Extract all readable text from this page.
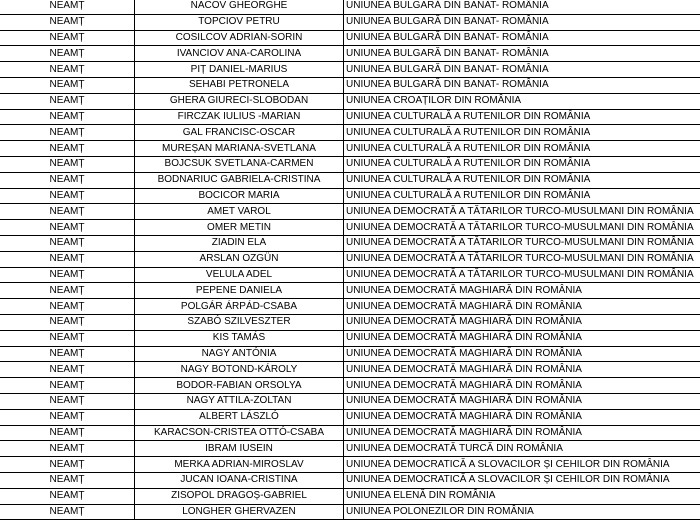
NEAMȚ	NACOV GHEORGHE	UNIUNEA BULGARĂ DIN BANAT- ROMÂNIA
NEAMȚ	TOPCIOV PETRU	UNIUNEA BULGARĂ DIN BANAT- ROMÂNIA
NEAMȚ	COSILCOV ADRIAN-SORIN	UNIUNEA BULGARĂ DIN BANAT- ROMÂNIA
NEAMȚ	IVANCIOV ANA-CAROLINA	UNIUNEA BULGARĂ DIN BANAT- ROMÂNIA
NEAMȚ	PIȚ DANIEL-MARIUS	UNIUNEA BULGARĂ DIN BANAT- ROMÂNIA
NEAMȚ	SEHABI PETRONELA	UNIUNEA BULGARĂ DIN BANAT- ROMÂNIA
NEAMȚ	GHERA GIURECI-SLOBODAN	UNIUNEA CROAȚILOR DIN ROMÂNIA
NEAMȚ	FIRCZAK IULIUS -MARIAN	UNIUNEA CULTURALĂ A RUTENILOR DIN ROMÂNIA
NEAMȚ	GAL FRANCISC-OSCAR	UNIUNEA CULTURALĂ A RUTENILOR DIN ROMÂNIA
NEAMȚ	MUREȘAN MARIANA-SVETLANA	UNIUNEA CULTURALĂ A RUTENILOR DIN ROMÂNIA
NEAMȚ	BOJCSUK SVETLANA-CARMEN	UNIUNEA CULTURALĂ A RUTENILOR DIN ROMÂNIA
NEAMȚ	BODNARIUC GABRIELA-CRISTINA	UNIUNEA CULTURALĂ A RUTENILOR DIN ROMÂNIA
NEAMȚ	BOCICOR MARIA	UNIUNEA CULTURALĂ A RUTENILOR DIN ROMÂNIA
NEAMȚ	AMET VAROL	UNIUNEA DEMOCRATĂ A TĂTARILOR TURCO-MUSULMANI DIN ROMÂNIA
NEAMȚ	OMER METIN	UNIUNEA DEMOCRATĂ A TĂTARILOR TURCO-MUSULMANI DIN ROMÂNIA
NEAMȚ	ZIADIN ELA	UNIUNEA DEMOCRATĂ A TĂTARILOR TURCO-MUSULMANI DIN ROMÂNIA
NEAMȚ	ARSLAN OZGÜN	UNIUNEA DEMOCRATĂ A TĂTARILOR TURCO-MUSULMANI DIN ROMÂNIA
NEAMȚ	VELULA ADEL	UNIUNEA DEMOCRATĂ A TĂTARILOR TURCO-MUSULMANI DIN ROMÂNIA
NEAMȚ	PEPENE DANIELA	UNIUNEA DEMOCRATĂ MAGHIARĂ DIN ROMÂNIA
NEAMȚ	POLGÁR ÁRPÁD-CSABA	UNIUNEA DEMOCRATĂ MAGHIARĂ DIN ROMÂNIA
NEAMȚ	SZABÓ SZILVESZTER	UNIUNEA DEMOCRATĂ MAGHIARĂ DIN ROMÂNIA
NEAMȚ	KIS TAMÁS	UNIUNEA DEMOCRATĂ MAGHIARĂ DIN ROMÂNIA
NEAMȚ	NAGY ANTÓNIA	UNIUNEA DEMOCRATĂ MAGHIARĂ DIN ROMÂNIA
NEAMȚ	NAGY BOTOND-KÁROLY	UNIUNEA DEMOCRATĂ MAGHIARĂ DIN ROMÂNIA
NEAMȚ	BODOR-FABIAN ORSOLYA	UNIUNEA DEMOCRATĂ MAGHIARĂ DIN ROMÂNIA
NEAMȚ	NAGY ATTILA-ZOLTAN	UNIUNEA DEMOCRATĂ MAGHIARĂ DIN ROMÂNIA
NEAMȚ	ALBERT LÁSZLÓ	UNIUNEA DEMOCRATĂ MAGHIARĂ DIN ROMÂNIA
NEAMȚ	KARACSON-CRISTEA OTTÓ-CSABA	UNIUNEA DEMOCRATĂ MAGHIARĂ DIN ROMÂNIA
NEAMȚ	IBRAM IUSEIN	UNIUNEA DEMOCRATĂ TURCĂ DIN ROMÂNIA
NEAMȚ	MERKA ADRIAN-MIROSLAV	UNIUNEA DEMOCRATICĂ A SLOVACILOR ȘI CEHILOR DIN ROMÂNIA
NEAMȚ	JUCAN IOANA-CRISTINA	UNIUNEA DEMOCRATICĂ A SLOVACILOR ȘI CEHILOR DIN ROMÂNIA
NEAMȚ	ZISOPOL DRAGOȘ-GABRIEL	UNIUNEA ELENĂ DIN ROMÂNIA
NEAMȚ	LONGHER GHERVAZEN	UNIUNEA POLONEZILOR DIN ROMÂNIA
